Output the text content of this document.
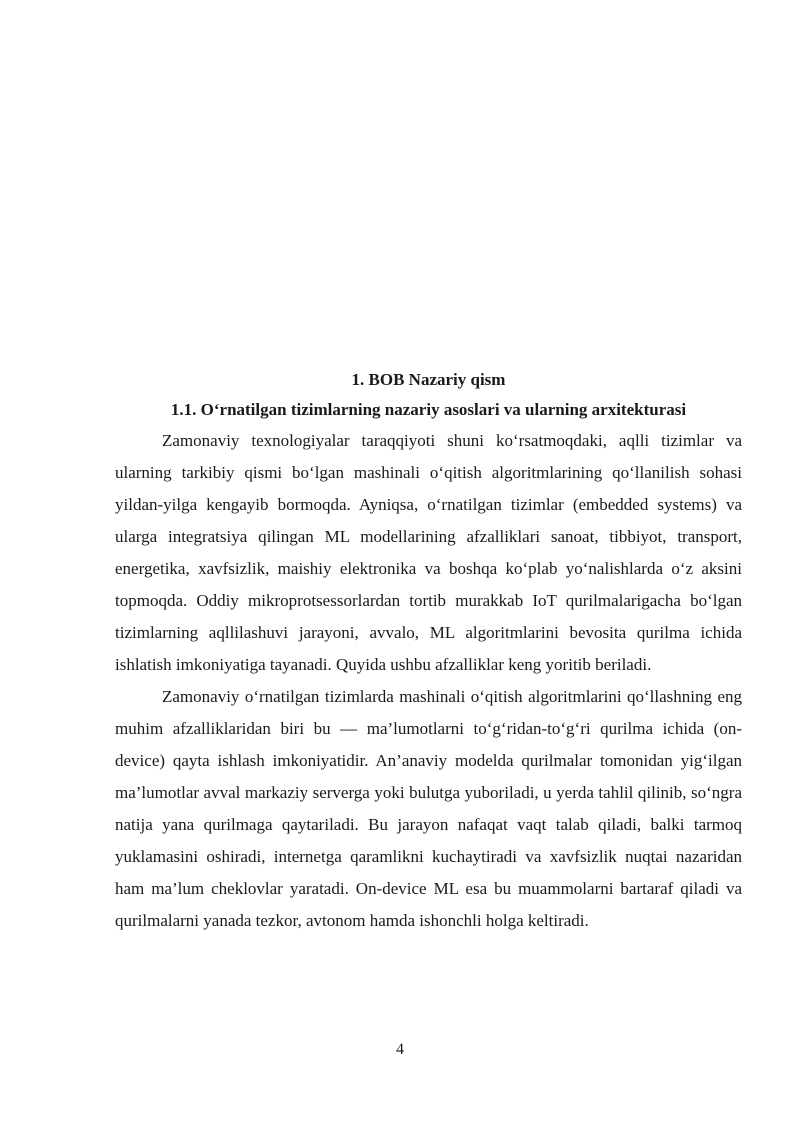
1. BOB Nazariy qism
1.1. O‘rnatilgan tizimlarning nazariy asoslari va ularning arxitekturasi

Zamonaviy texnologiyalar taraqqiyoti shuni ko‘rsatmoqdaki, aqlli tizimlar va ularning tarkibiy qismi bo‘lgan mashinali o‘qitish algoritmlarining qo‘llanilish sohasi yildan-yilga kengayib bormoqda. Ayniqsa, o‘rnatilgan tizimlar (embedded systems) va ularga integratsiya qilingan ML modellarining afzalliklari sanoat, tibbiyot, transport, energetika, xavfsizlik, maishiy elektronika va boshqa ko‘plab yo‘nalishlarda o‘z aksini topmoqda. Oddiy mikroprotsessorlardan tortib murakkab IoT qurilmalarigacha bo‘lgan tizimlarning aqllilashuvi jarayoni, avvalo, ML algoritmlarini bevosita qurilma ichida ishlatish imkoniyatiga tayanadi. Quyida ushbu afzalliklar keng yoritib beriladi.

Zamonaviy o‘rnatilgan tizimlarda mashinali o‘qitish algoritmlarini qo‘llashning eng muhim afzalliklaridan biri bu — ma’lumotlarni to‘g‘ridan-to‘g‘ri qurilma ichida (on-device) qayta ishlash imkoniyatidir. An’anaviy modelda qurilmalar tomonidan yig‘ilgan ma’lumotlar avval markaziy serverga yoki bulutga yuboriladi, u yerda tahlil qilinib, so‘ngra natija yana qurilmaga qaytariladi. Bu jarayon nafaqat vaqt talab qiladi, balki tarmoq yuklamasini oshiradi, internetga qaramlikni kuchaytiradi va xavfsizlik nuqtai nazaridan ham ma’lum cheklovlar yaratadi. On-device ML esa bu muammolarni bartaraf qiladi va qurilmalarni yanada tezkor, avtonom hamda ishonchli holga keltiradi.

4
